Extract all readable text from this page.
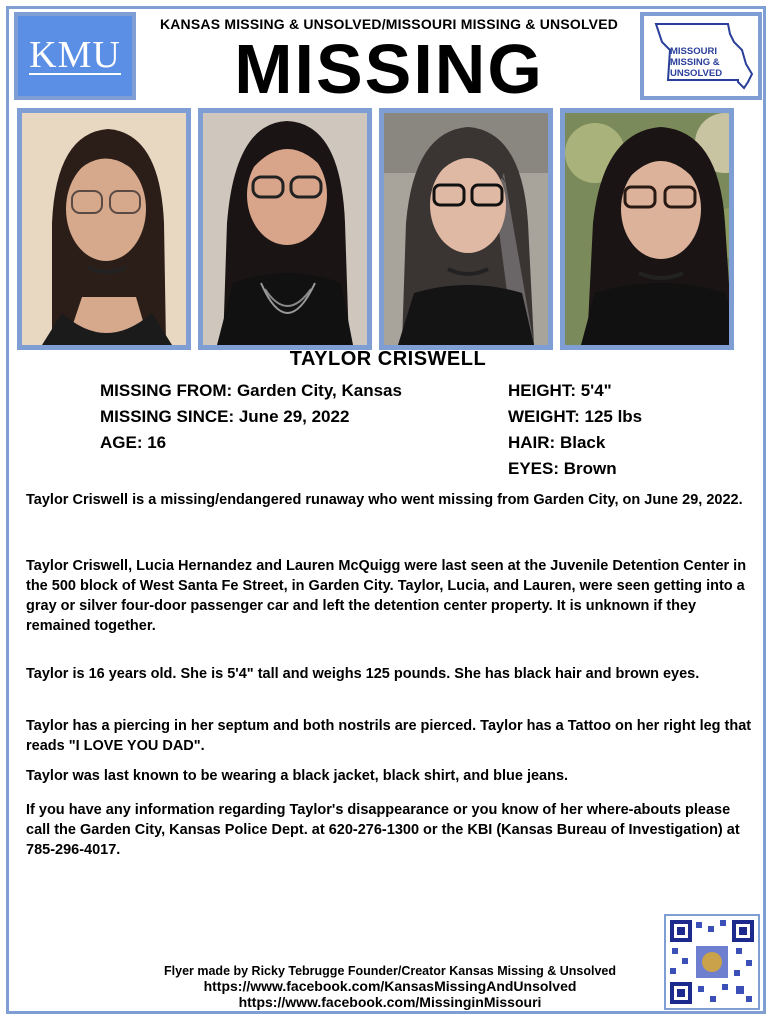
KMU
KANSAS MISSING & UNSOLVED/MISSOURI MISSING & UNSOLVED
MISSING	MISSOURI
MISSING &
UNSOLVED
TAYLOR CRISWELL
MISSING FROM: Garden City, Kansas
MISSING SINCE: June 29, 2022
AGE: 16
HEIGHT: 5'4"
WEIGHT: 125 lbs
HAIR: Black
EYES: Brown

Taylor Criswell is a missing/endangered runaway who went missing from Garden City, on June 29, 2022.

Taylor Criswell, Lucia Hernandez and Lauren McQuigg were last seen at the Juvenile Detention Center in the 500 block of West Santa Fe Street, in Garden City. Taylor, Lucia, and Lauren, were seen getting into a gray or silver four-door passenger car and left the detention center property. It is unknown if they remained together.

Taylor is 16 years old. She is 5'4" tall and weighs 125 pounds. She has black hair and brown eyes.

Taylor has a piercing in her septum and both nostrils are pierced. Taylor has a Tattoo on her right leg that reads "I LOVE YOU DAD".

Taylor was last known to be wearing a black jacket, black shirt, and blue jeans.

If you have any information regarding Taylor's disappearance or you know of her where-abouts please call the Garden City, Kansas Police Dept. at 620-276-1300 or the KBI (Kansas Bureau of Investigation) at 785-296-4017.

Flyer made by Ricky Tebrugge Founder/Creator Kansas Missing & Unsolved
https://www.facebook.com/KansasMissingAndUnsolved
https://www.facebook.com/MissinginMissouri
